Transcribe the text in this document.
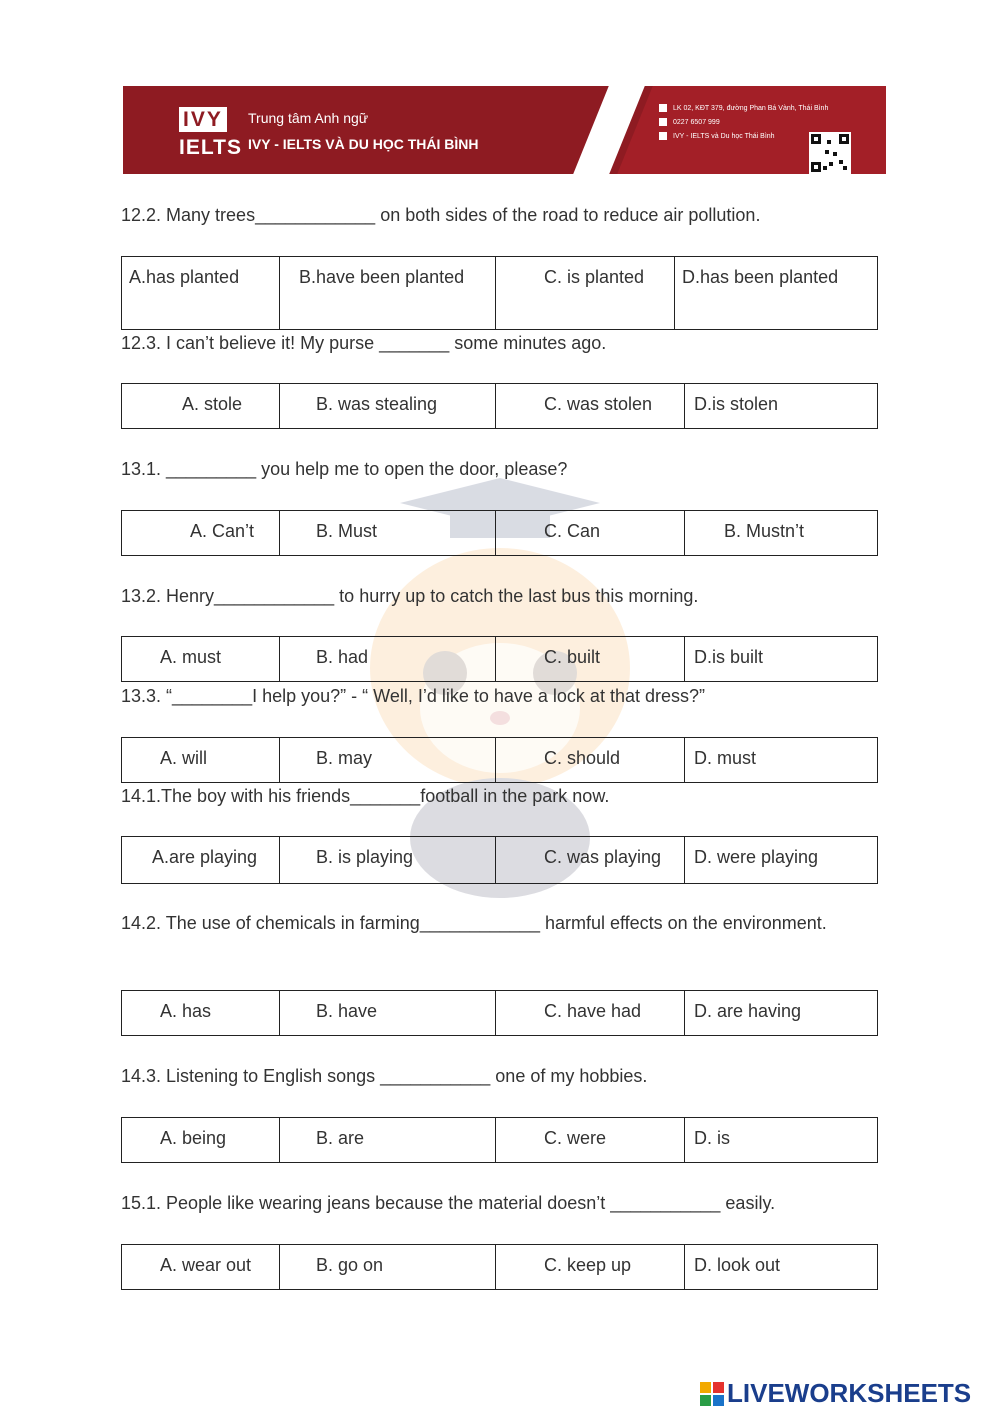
IVY
IELTS
Trung tâm Anh ngữ
IVY - IELTS VÀ DU HỌC THÁI BÌNH
LK 02, KĐT 379, đường Phan Bá Vành, Thái Bình
0227 6507 999
IVY - IELTS và Du học Thái Bình
12.2. Many trees____________ on both sides of the road to reduce air pollution.
A.has planted	B.have been planted	C. is planted	D.has been planted
12.3. I can’t believe it! My purse _______ some minutes ago.
A. stole	B. was stealing	C. was stolen	D.is stolen
13.1. _________ you help me to open the door, please?
A. Can’t	B. Must	C. Can	B. Mustn’t
13.2. Henry____________ to hurry up to catch the last bus this morning.
A. must	B. had	C. built	D.is built
13.3. “________I help you?” - “ Well, I’d like to have a lock at that dress?”
A. will	B. may	C. should	D. must
14.1.The boy with his friends_______football in the park now.
A.are playing	B. is playing	C. was playing	D. were playing
14.2. The use of chemicals in farming____________ harmful effects on the environment.
A. has	B. have	C. have had	D. are having
14.3. Listening to English songs ___________ one of my hobbies.
A. being	B. are	C. were	D. is
15.1. People like wearing jeans because the material doesn’t ___________ easily.
A. wear out	B. go on	C. keep up	D. look out
LIVEWORKSHEETS
